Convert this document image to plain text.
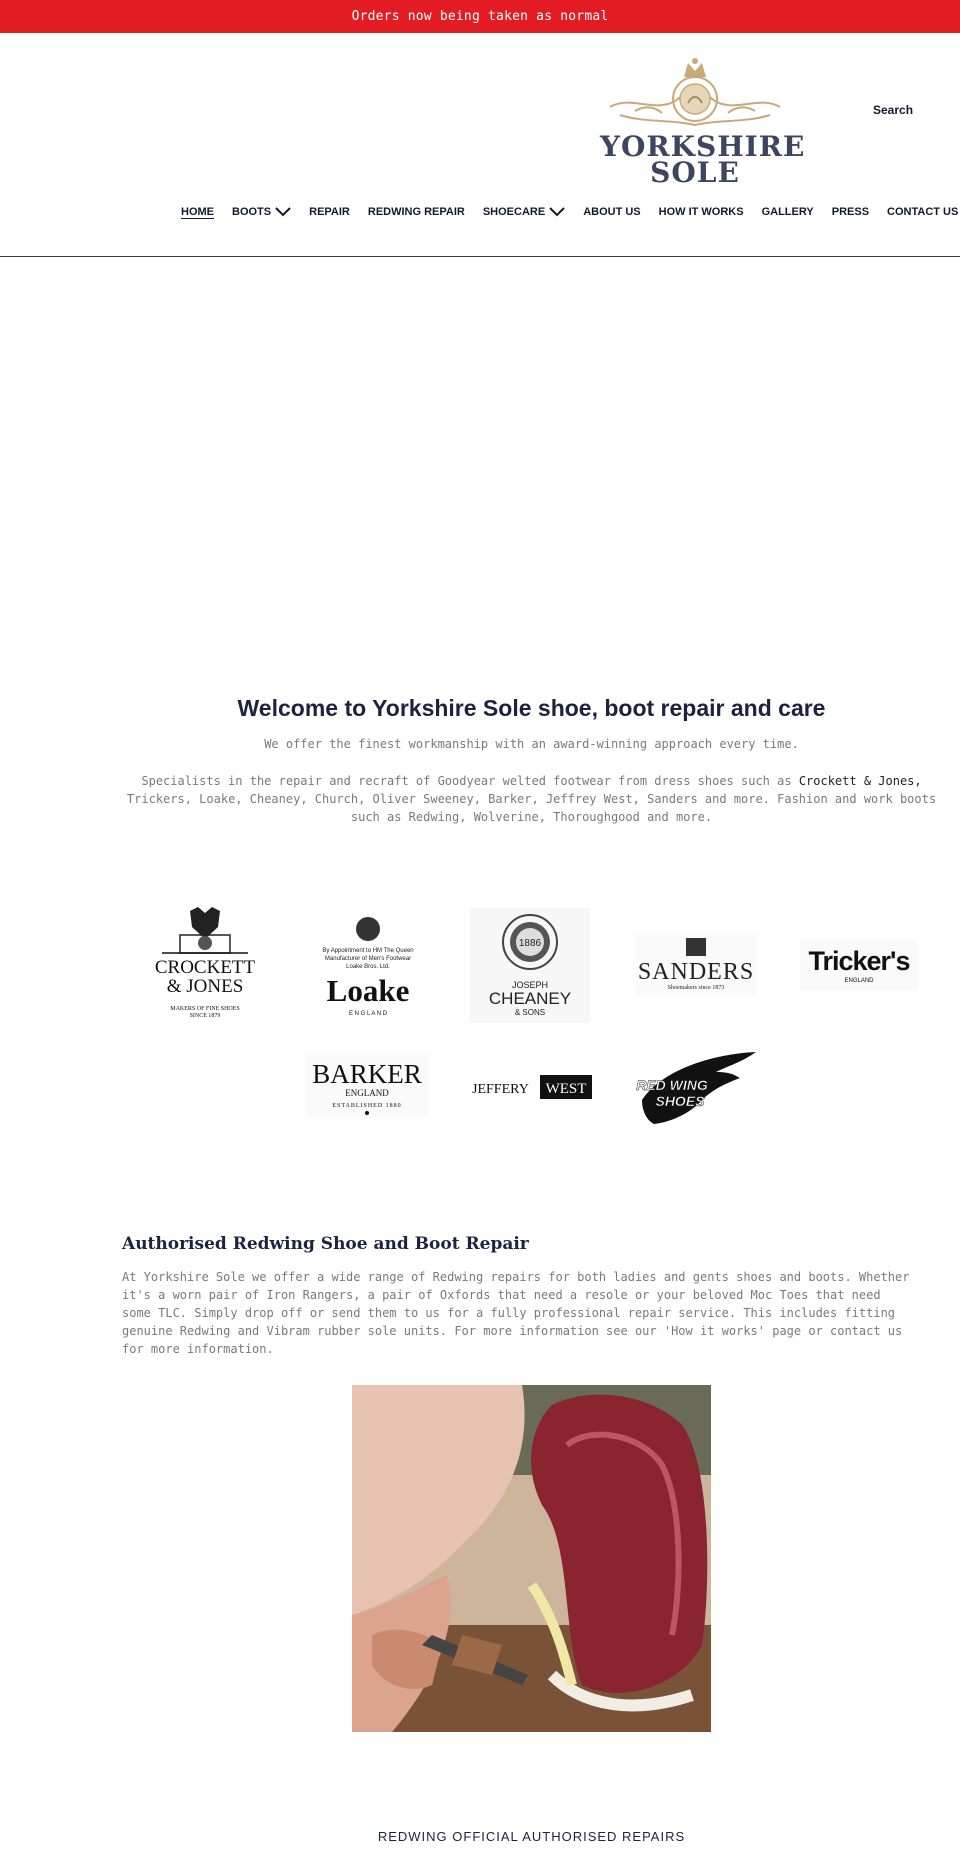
Orders now being taken as normal
YORKSHIRE
SOLE
Search
HOME BOOTS	REPAIR REDWING REPAIR SHOECARE	ABOUT US HOW IT WORKS GALLERY PRESS CONTACT US
Welcome to Yorkshire Sole shoe, boot repair and care

We offer the finest workmanship with an award-winning approach every time.

Specialists in the repair and recraft of Goodyear welted footwear from dress shoes such as Crockett & Jones, Trickers, Loake, Cheaney, Church, Oliver Sweeney, Barker, Jeffrey West, Sanders and more. Fashion and work boots such as Redwing, Wolverine, Thoroughgood and more.

CROCKETT
& JONES
MAKERS OF FINE SHOES
SINCE 1879
By Appointment to HM The Queen
Manufacturer of Men's Footwear
Loake Bros. Ltd.
Loake
E N G L A N D
1886
JOSEPH
CHEANEY
& SONS
SANDERS
Shoemakers since 1873
Tricker's
ENGLAND
BARKER
ENGLAND
ESTABLISHED 1880
JEFFERY WEST	RED WING
SHOES
Authorised Redwing Shoe and Boot Repair

At Yorkshire Sole we offer a wide range of Redwing repairs for both ladies and gents shoes and boots. Whether it's a worn pair of Iron Rangers, a pair of Oxfords that need a resole or your beloved Moc Toes that need some TLC. Simply drop off or send them to us for a fully professional repair service. This includes fitting genuine Redwing and Vibram rubber sole units. For more information see our 'How it works' page or contact us for more information.

REDWING OFFICIAL AUTHORISED REPAIRS
